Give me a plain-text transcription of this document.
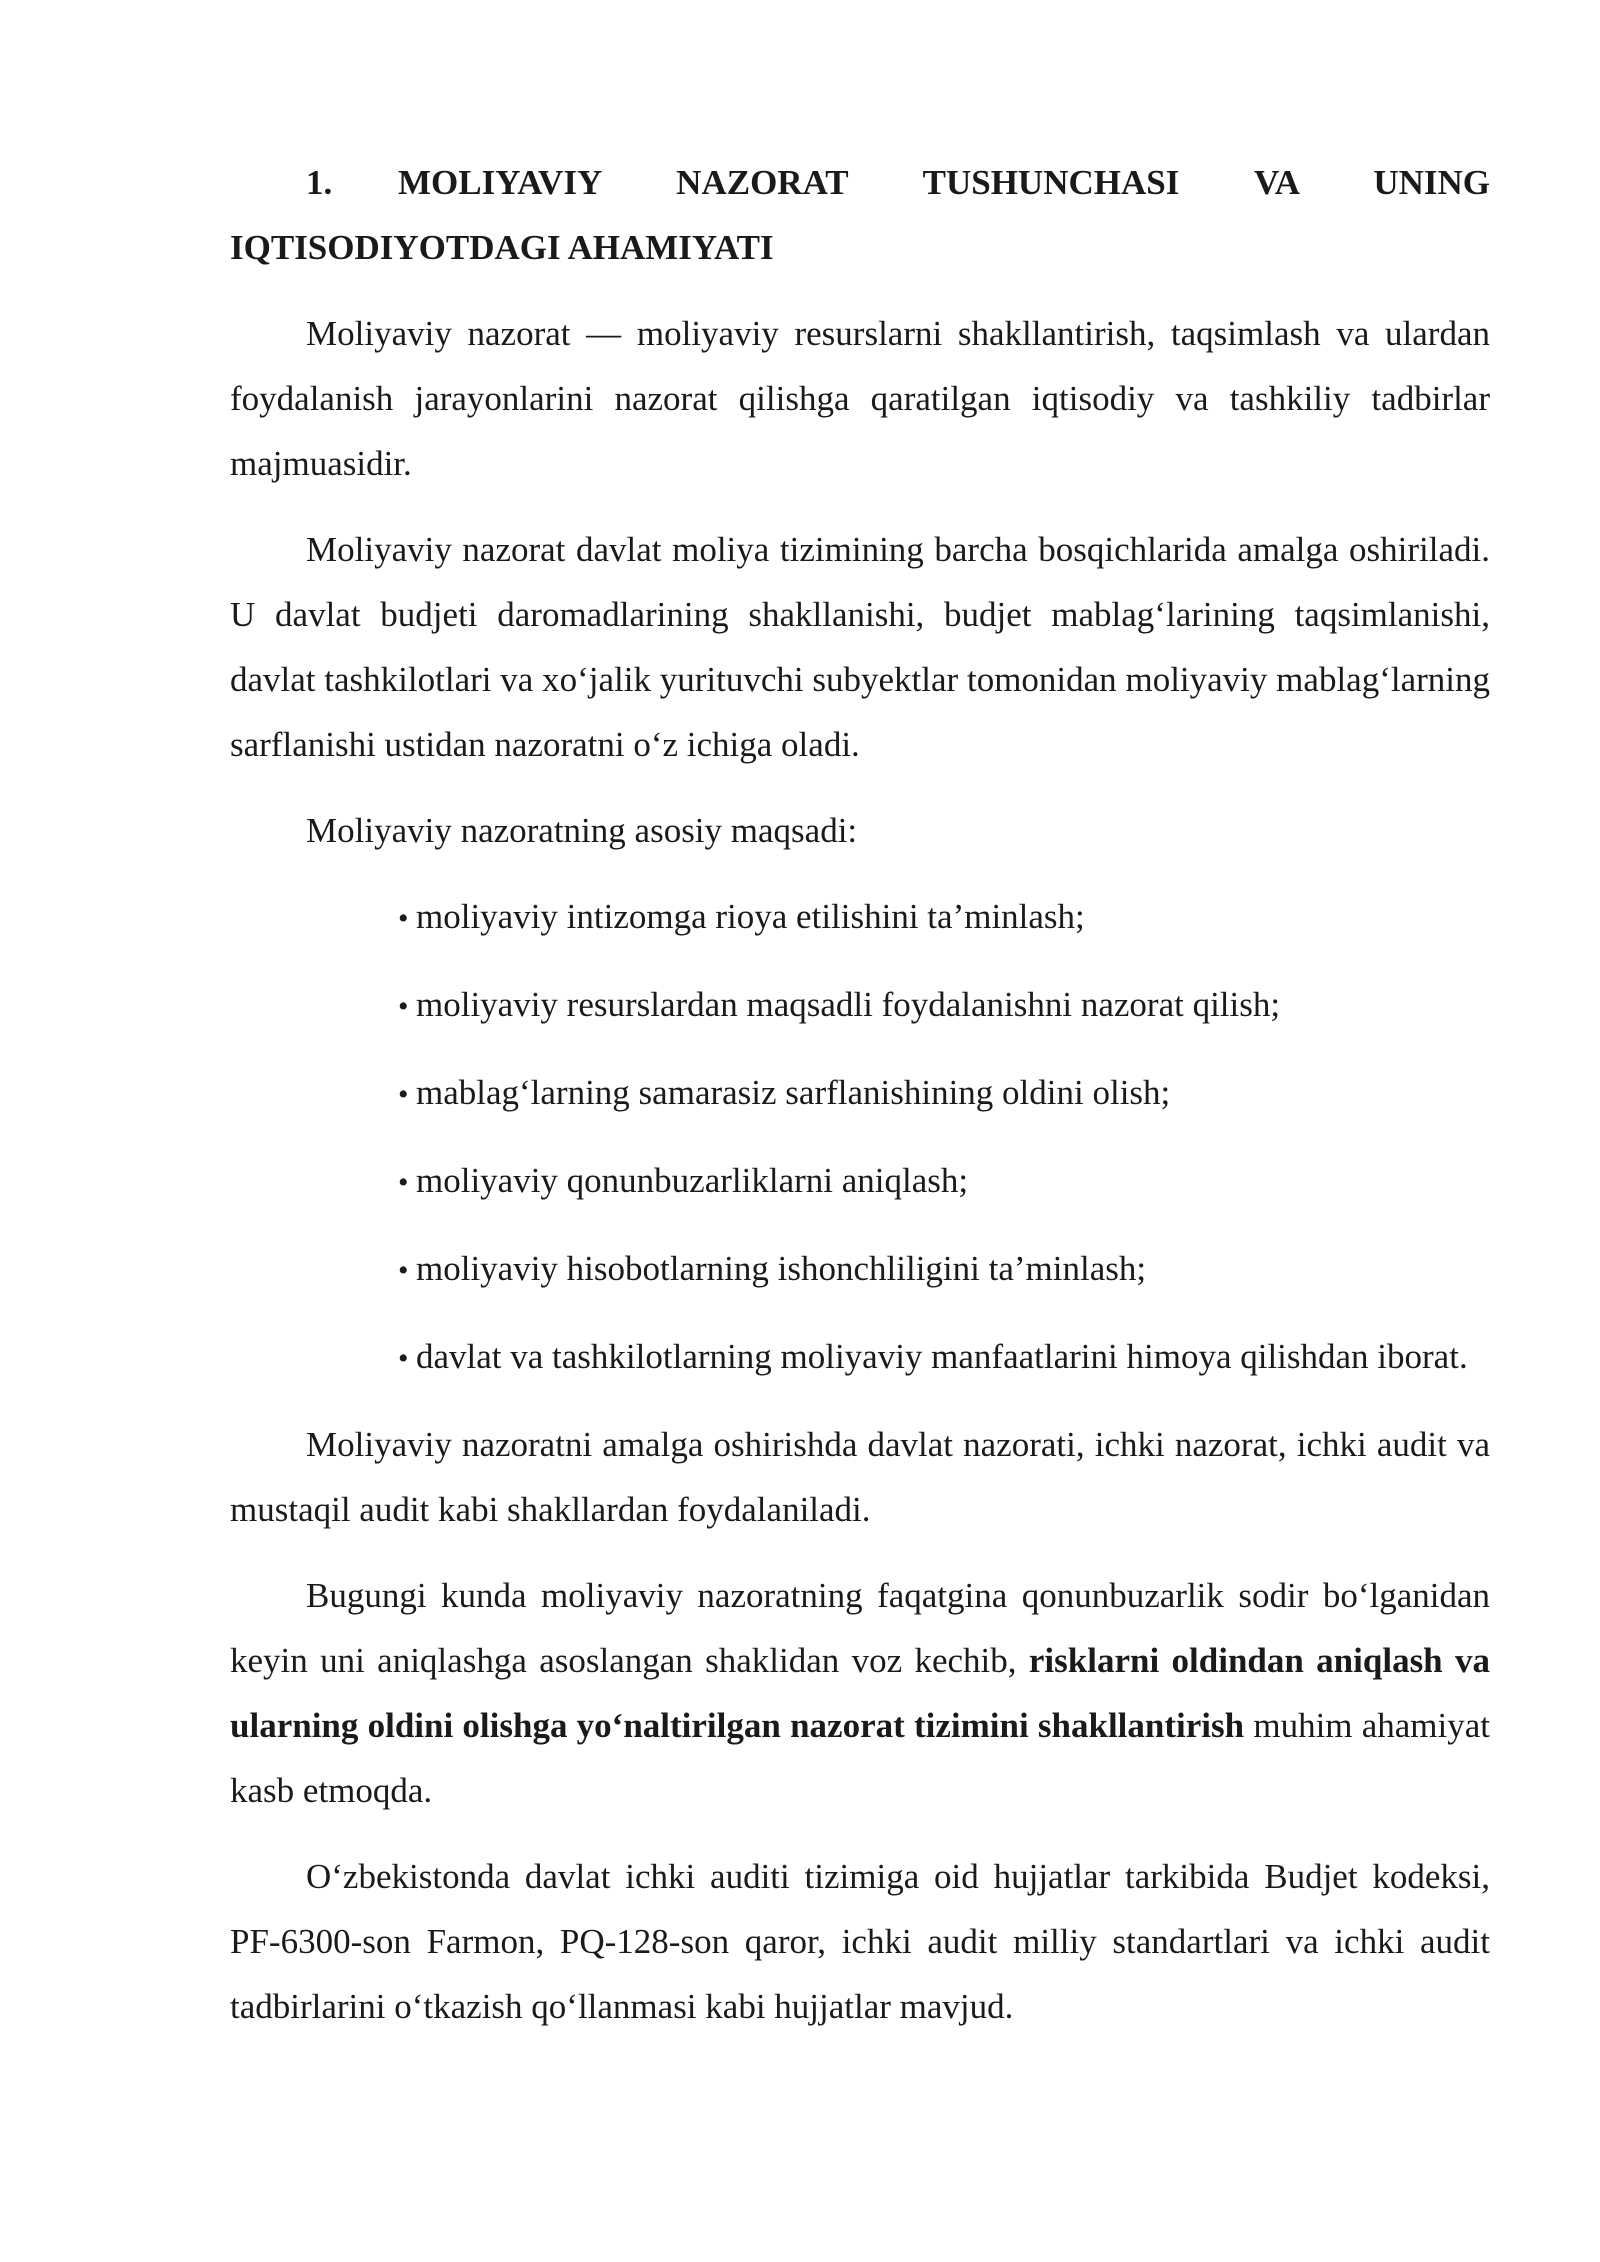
1. MOLIYAVIY NAZORAT TUSHUNCHASI VA UNING IQTISODIYOTDAGI AHAMIYATI

Moliyaviy nazorat — moliyaviy resurslarni shakllantirish, taqsimlash va ulardan foydalanish jarayonlarini nazorat qilishga qaratilgan iqtisodiy va tashkiliy tadbirlar majmuasidir.

Moliyaviy nazorat davlat moliya tizimining barcha bosqichlarida amalga oshiriladi. U davlat budjeti daromadlarining shakllanishi, budjet mablag‘larining taqsimlanishi, davlat tashkilotlari va xo‘jalik yurituvchi subyektlar tomonidan moliyaviy mablag‘larning sarflanishi ustidan nazoratni o‘z ichiga oladi.

Moliyaviy nazoratning asosiy maqsadi:

• moliyaviy intizomga rioya etilishini ta’minlash;
• moliyaviy resurslardan maqsadli foydalanishni nazorat qilish;
• mablag‘larning samarasiz sarflanishining oldini olish;
• moliyaviy qonunbuzarliklarni aniqlash;
• moliyaviy hisobotlarning ishonchliligini ta’minlash;
• davlat va tashkilotlarning moliyaviy manfaatlarini himoya qilishdan iborat.

Moliyaviy nazoratni amalga oshirishda davlat nazorati, ichki nazorat, ichki audit va mustaqil audit kabi shakllardan foydalaniladi.

Bugungi kunda moliyaviy nazoratning faqatgina qonunbuzarlik sodir bo‘lganidan keyin uni aniqlashga asoslangan shaklidan voz kechib, risklarni oldindan aniqlash va ularning oldini olishga yo‘naltirilgan nazorat tizimini shakllantirish muhim ahamiyat kasb etmoqda.

O‘zbekistonda davlat ichki auditi tizimiga oid hujjatlar tarkibida Budjet kodeksi, PF-6300-son Farmon, PQ-128-son qaror, ichki audit milliy standartlari va ichki audit tadbirlarini o‘tkazish qo‘llanmasi kabi hujjatlar mavjud.
